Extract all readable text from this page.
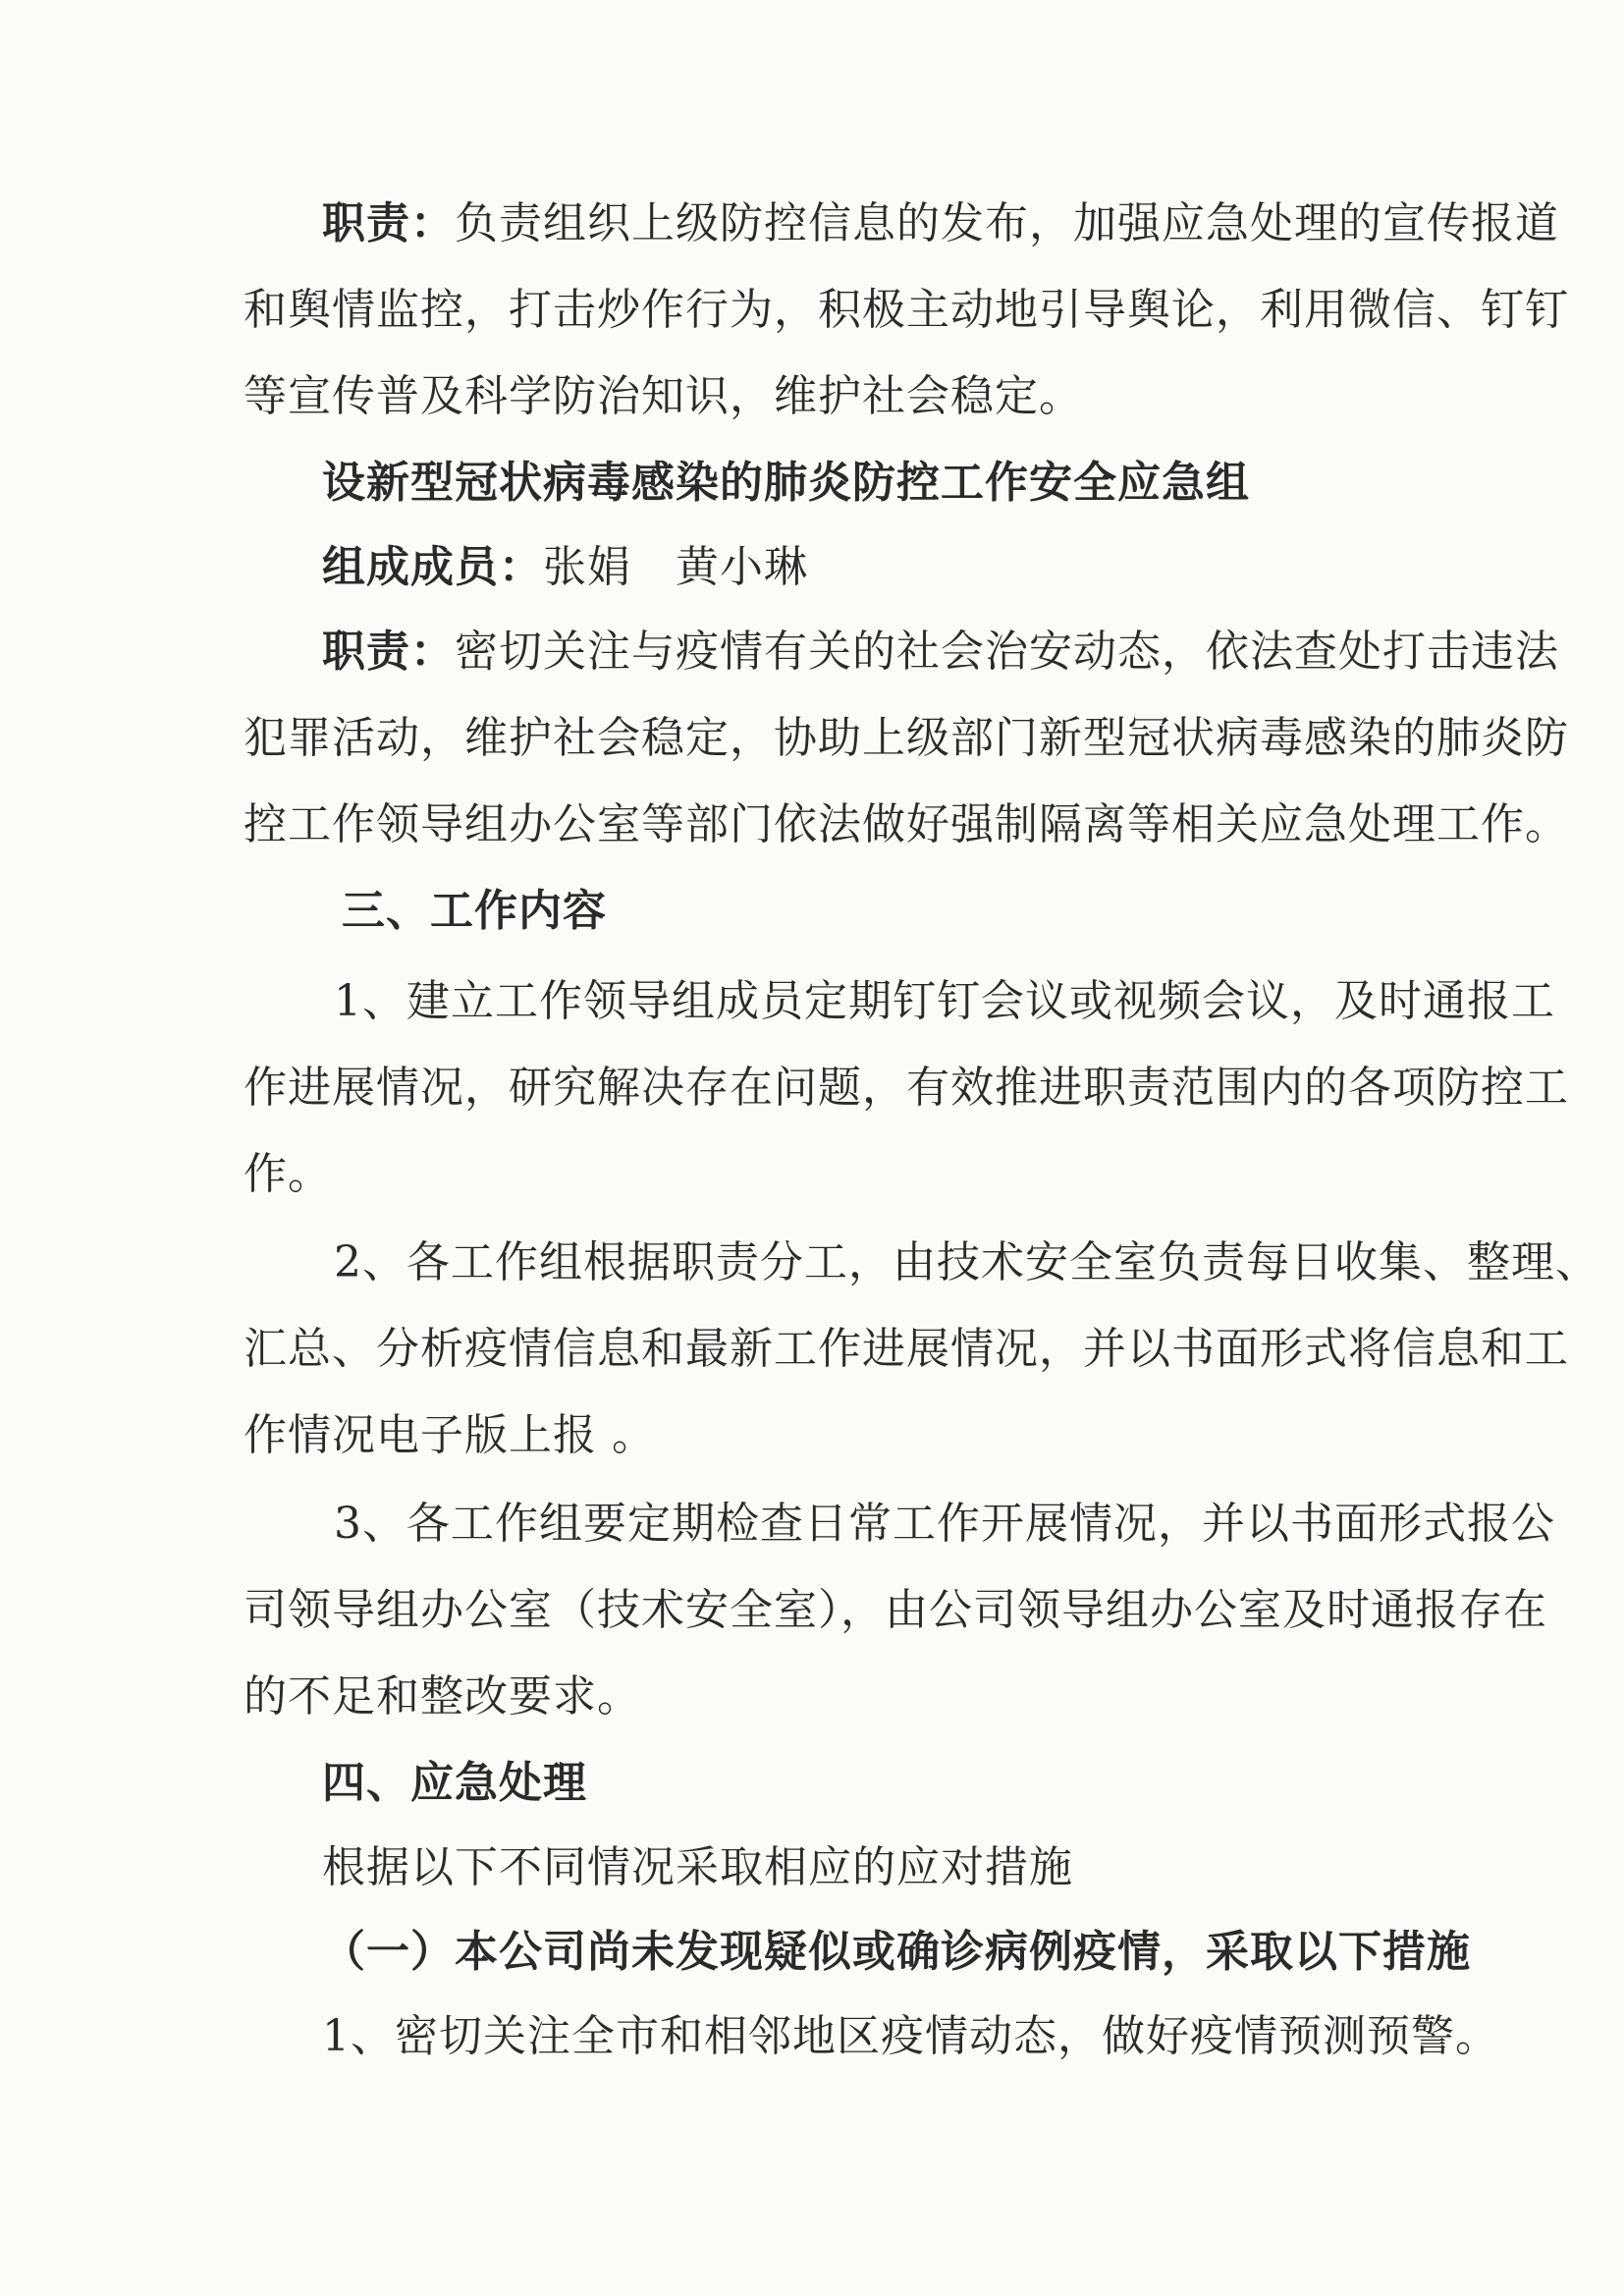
职责：负责组织上级防控信息的发布，加强应急处理的宣传报道
和舆情监控，打击炒作行为，积极主动地引导舆论，利用微信、钉钉
等宣传普及科学防治知识，维护社会稳定。
设新型冠状病毒感染的肺炎防控工作安全应急组
组成成员：张娟　黄小琳
职责：密切关注与疫情有关的社会治安动态，依法查处打击违法
犯罪活动，维护社会稳定，协助上级部门新型冠状病毒感染的肺炎防
控工作领导组办公室等部门依法做好强制隔离等相关应急处理工作。
三、工作内容
1、建立工作领导组成员定期钉钉会议或视频会议，及时通报工
作进展情况，研究解决存在问题，有效推进职责范围内的各项防控工
作。
2、各工作组根据职责分工，由技术安全室负责每日收集、整理、
汇总、分析疫情信息和最新工作进展情况，并以书面形式将信息和工
作情况电子版上报 。
3、各工作组要定期检查日常工作开展情况，并以书面形式报公
司领导组办公室（技术安全室），由公司领导组办公室及时通报存在
的不足和整改要求。
四、应急处理
根据以下不同情况采取相应的应对措施
（一）本公司尚未发现疑似或确诊病例疫情，采取以下措施
1、密切关注全市和相邻地区疫情动态，做好疫情预测预警。
